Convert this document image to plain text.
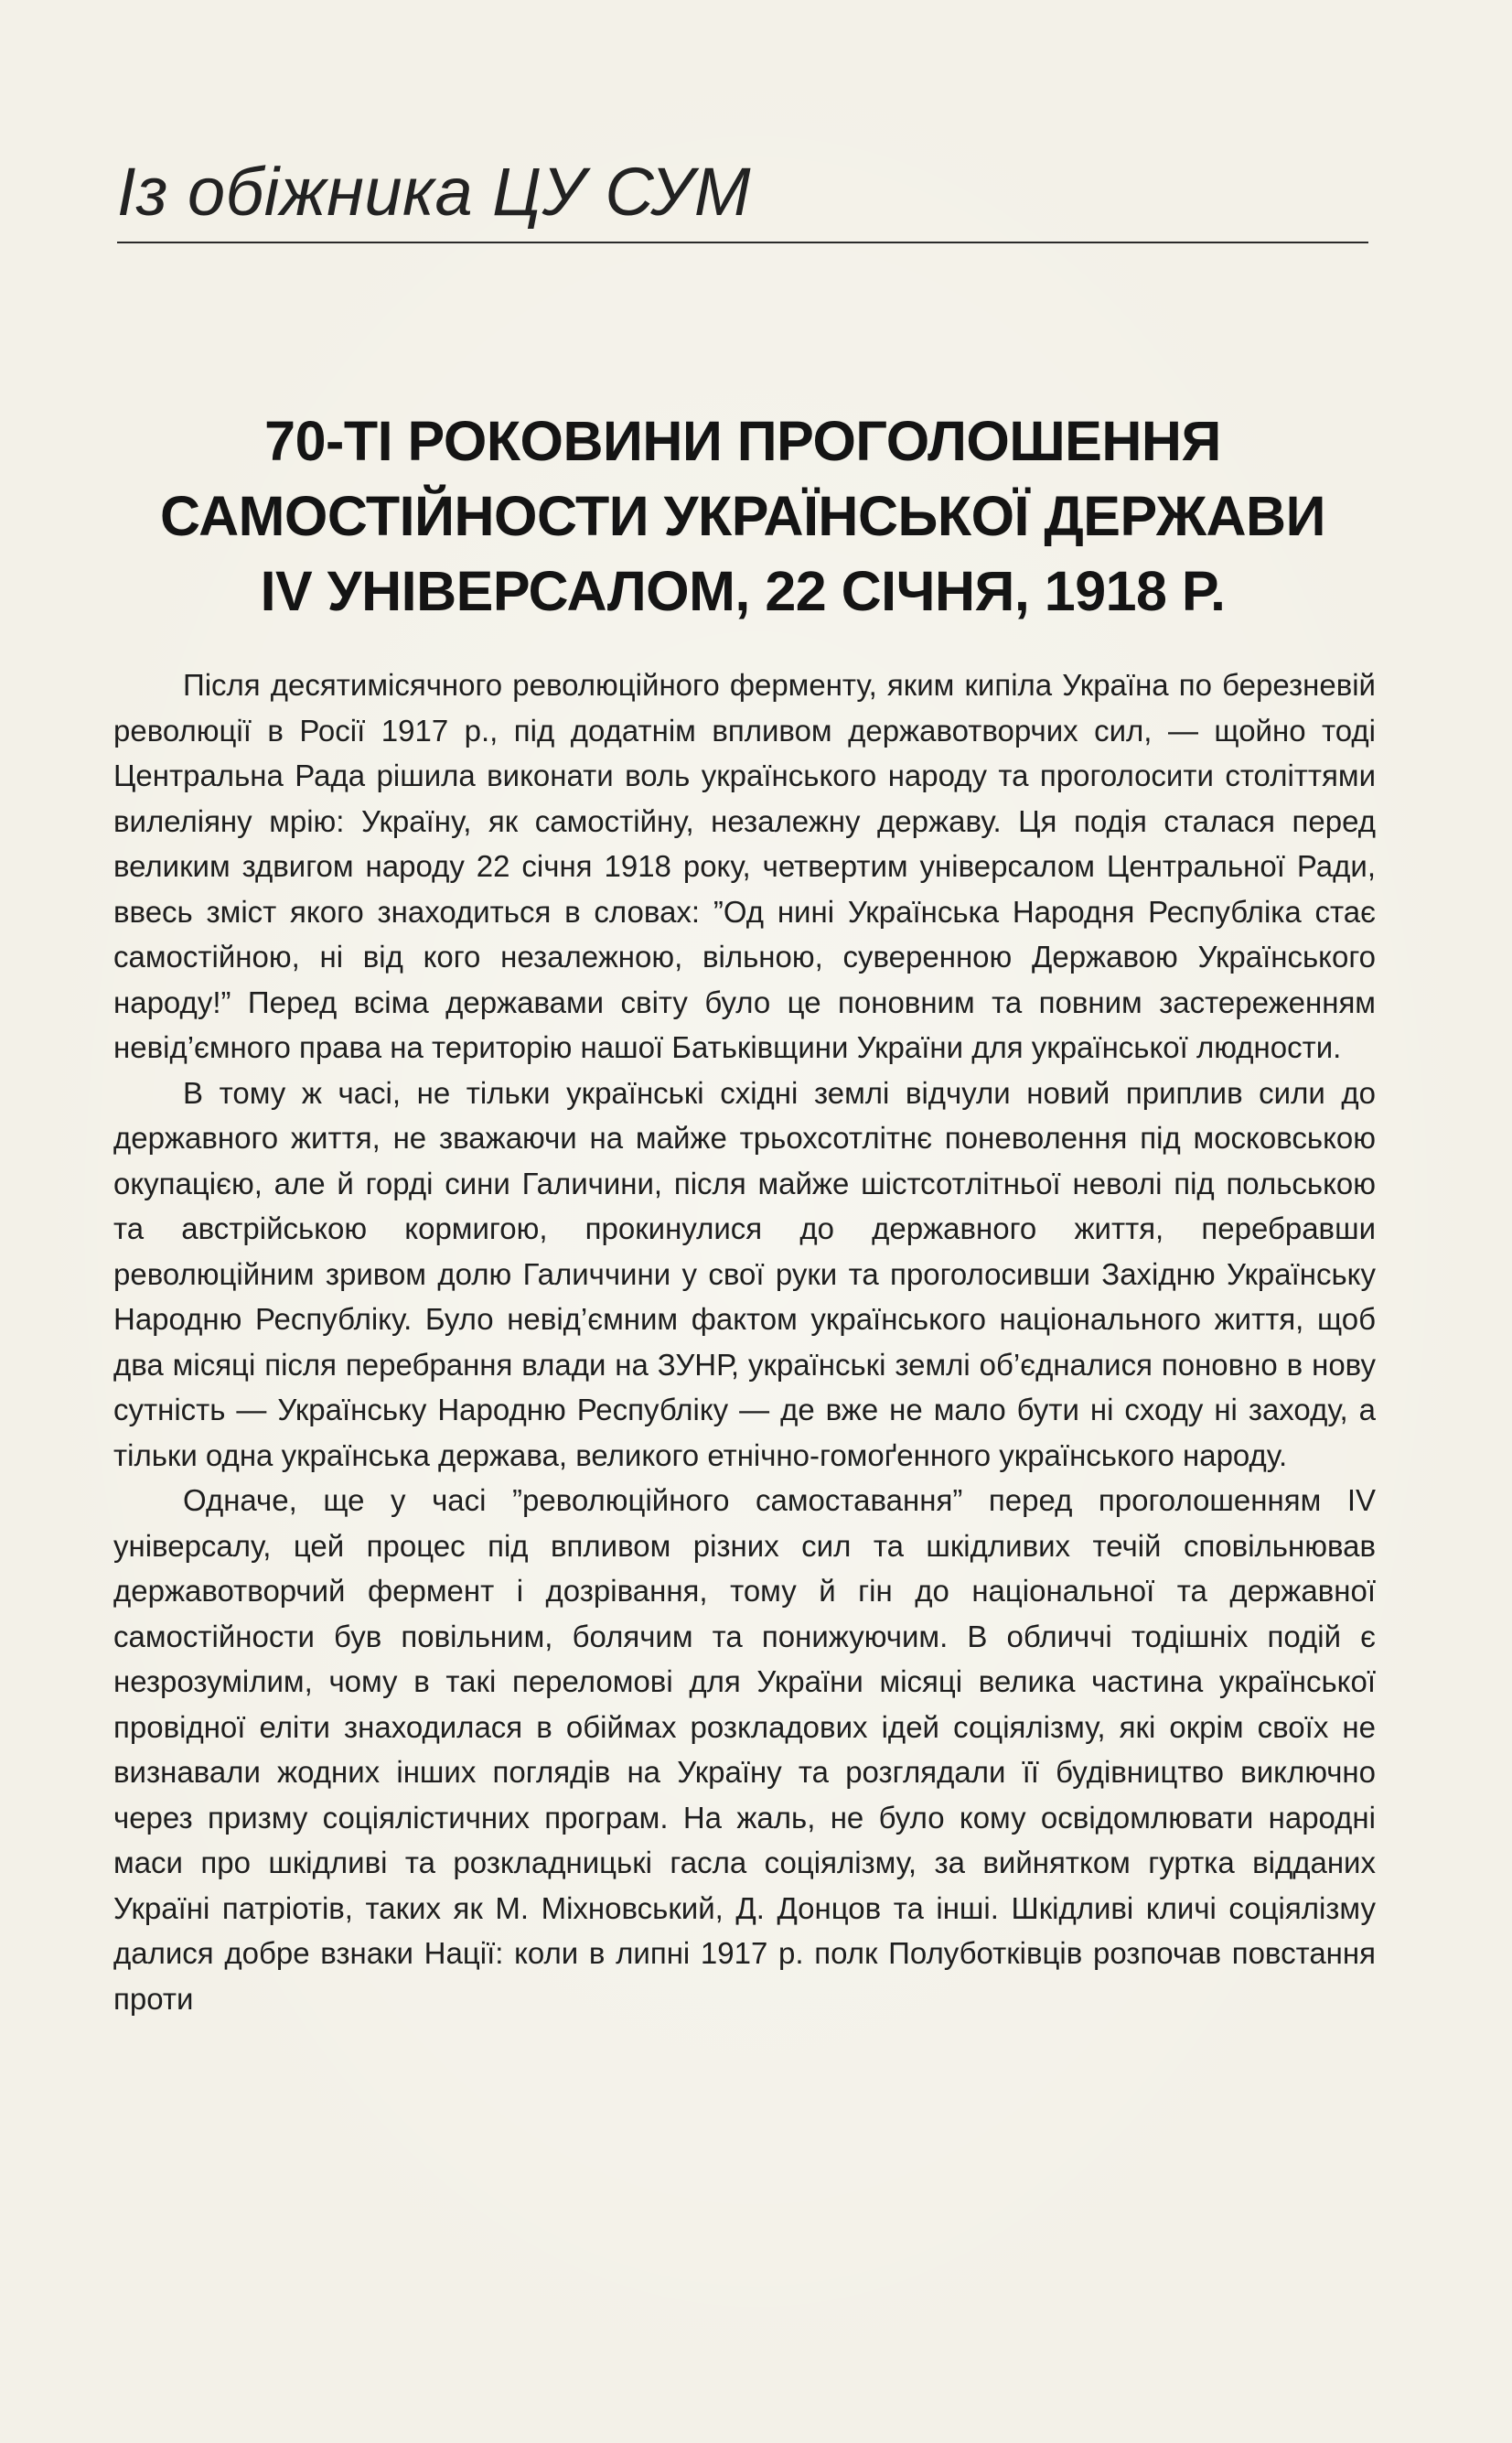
Із обіжника ЦУ СУМ
70-ТІ РОКОВИНИ ПРОГОЛОШЕННЯ
САМОСТІЙНОСТИ УКРАЇНСЬКОЇ ДЕРЖАВИ
IV УНІВЕРСАЛОМ, 22 СІЧНЯ, 1918 Р.

Після десятимісячного революційного ферменту, яким кипіла Україна по березневій революції в Росії 1917 р., під додатнім впливом державотворчих сил, — щойно тоді Центральна Рада рішила виконати воль українського народу та проголосити століттями вилеліяну мрію: Україну, як самостійну, незалежну державу. Ця подія сталася перед великим здвигом народу 22 січня 1918 року, четвертим універсалом Центральної Ради, ввесь зміст якого знаходиться в словах: ”Од нині Українська Народня Республіка стає самостійною, ні від кого незалежною, вільною, суверенною Державою Українського народу!” Перед всіма державами світу було це поновним та повним застереженням невід’ємного права на територію нашої Батьківщини України для української людности.

В тому ж часі, не тільки українські східні землі відчули новий приплив сили до державного життя, не зважаючи на майже трьохсотлітнє поневолення під московською окупацією, але й горді сини Галичини, після майже шістсотлітньої неволі під польською та австрійською кормигою, прокинулися до державного життя, перебравши революційним зривом долю Галиччини у свої руки та проголосивши Західню Українську Народню Республіку. Було невід’ємним фактом українського національного життя, щоб два місяці після перебрання влади на ЗУНР, українські землі об’єдналися поновно в нову сутність — Українську Народню Республіку — де вже не мало бути ні сходу ні заходу, а тільки одна українська держава, великого етнічно-гомоґенного українського народу.

Одначе, ще у часі ”революційного самоставання” перед проголошенням IV універсалу, цей процес під впливом різних сил та шкідливих течій сповільнював державотворчий фермент і дозрівання, тому й гін до національної та державної самостійности був повільним, болячим та понижуючим. В обличчі тодішніх подій є незрозумілим, чому в такі переломові для України місяці велика частина української провідної еліти знаходилася в обіймах розкладових ідей соціялізму, які окрім своїх не визнавали жодних інших поглядів на Україну та розглядали її будівництво виключно через призму соціялістичних програм. На жаль, не було кому освідомлювати народні маси про шкідливі та розкладницькі гасла соціялізму, за вийнятком гуртка відданих Україні патріотів, таких як М. Міхновський, Д. Донцов та інші. Шкідливі кличі соціялізму далися добре взнаки Нації: коли в липні 1917 р. полк Полуботківців розпочав повстання проти
